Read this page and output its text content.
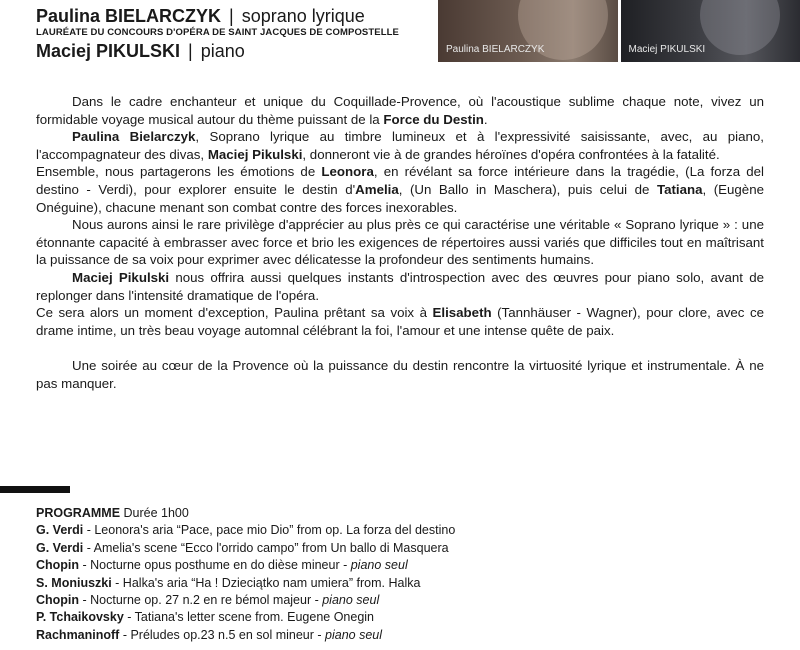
Paulina BIELARCZYK | soprano lyrique
LAURÉATE DU CONCOURS D'OPÉRA DE SAINT JACQUES DE COMPOSTELLE
Maciej PIKULSKI | piano	Paulina BIELARCZYK	Maciej PIKULSKI

Dans le cadre enchanteur et unique du Coquillade-Provence, où l'acoustique sublime chaque note, vivez un formidable voyage musical autour du thème puissant de la Force du Destin.

Paulina Bielarczyk, Soprano lyrique au timbre lumineux et à l'expressivité saisissante, avec, au piano, l'accompagnateur des divas, Maciej Pikulski, donneront vie à de grandes héroïnes d'opéra confrontées à la fatalité.

Ensemble, nous partagerons les émotions de Leonora, en révélant sa force intérieure dans la tragédie, (La forza del destino - Verdi), pour explorer ensuite le destin d'Amelia, (Un Ballo in Maschera), puis celui de Tatiana, (Eugène Onéguine), chacune menant son combat contre des forces inexorables.

Nous aurons ainsi le rare privilège d'apprécier au plus près ce qui caractérise une véritable « Soprano lyrique » : une étonnante capacité à embrasser avec force et brio les exigences de répertoires aussi variés que difficiles tout en maîtrisant la puissance de sa voix pour exprimer avec délicatesse la profondeur des sentiments humains.

Maciej Pikulski nous offrira aussi quelques instants d'introspection avec des œuvres pour piano solo, avant de replonger dans l'intensité dramatique de l'opéra.

Ce sera alors un moment d'exception, Paulina prêtant sa voix à Elisabeth (Tannhäuser - Wagner), pour clore, avec ce drame intime, un très beau voyage automnal célébrant la foi, l'amour et une intense quête de paix.

Une soirée au cœur de la Provence où la puissance du destin rencontre la virtuosité lyrique et instrumentale. À ne pas manquer.

PROGRAMME Durée 1h00
G. Verdi - Leonora's aria “Pace, pace mio Dio” from op. La forza del destino
G. Verdi - Amelia's scene “Ecco l'orrido campo” from Un ballo di Masquera
Chopin - Nocturne opus posthume en do dièse mineur - piano seul
S. Moniuszki - Halka's aria “Ha ! Dzieciątko nam umiera” from. Halka
Chopin - Nocturne op. 27 n.2 en re bémol majeur - piano seul
P. Tchaikovsky - Tatiana's letter scene from. Eugene Onegin
Rachmaninoff - Préludes op.23 n.5 en sol mineur - piano seul
